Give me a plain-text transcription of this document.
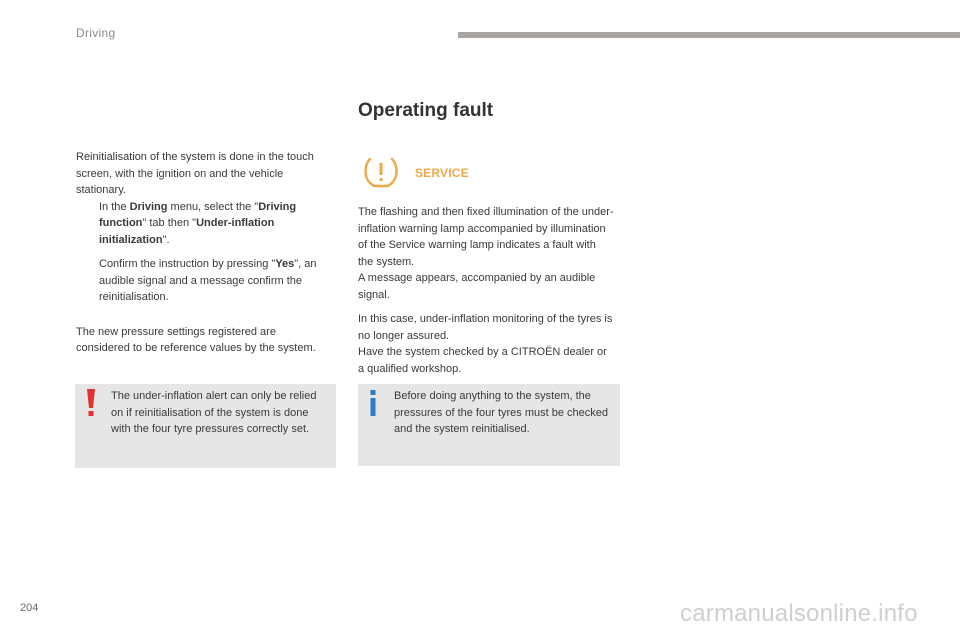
Driving
Operating fault

Reinitialisation of the system is done in the touch screen, with the ignition on and the vehicle stationary.

In the Driving menu, select the "Driving function" tab then "Under-inflation initialization".

Confirm the instruction by pressing "Yes", an audible signal and a message confirm the reinitialisation.

The new pressure settings registered are considered to be reference values by the system.

The under-inflation alert can only be relied on if reinitialisation of the system is done with the four tyre pressures correctly set.
SERVICE

The flashing and then fixed illumination of the under-inflation warning lamp accompanied by illumination of the Service warning lamp indicates a fault with the system.

A message appears, accompanied by an audible signal.

In this case, under-inflation monitoring of the tyres is no longer assured.

Have the system checked by a CITROËN dealer or a qualified workshop.

Before doing anything to the system, the pressures of the four tyres must be checked and the system reinitialised.
204	carmanualsonline.info
